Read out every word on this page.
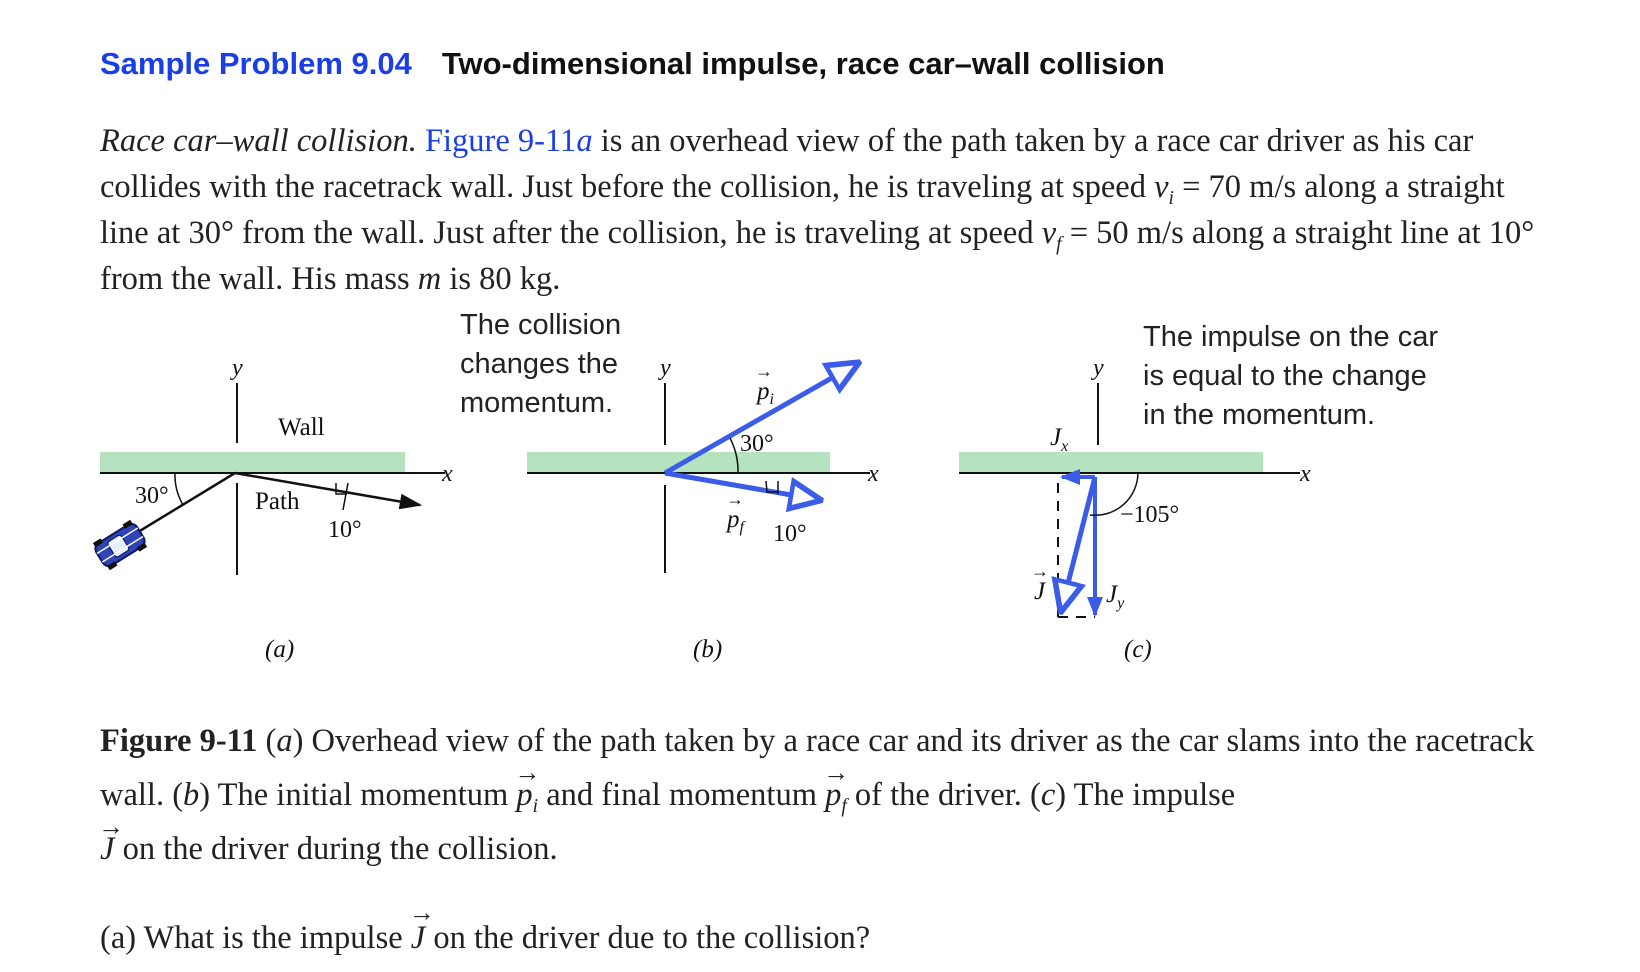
Sample Problem 9.04 Two-dimensional impulse, race car–wall collision
Race car–wall collision. Figure 9-11a is an overhead view of the path taken by a race car driver as his car collides with the racetrack wall. Just before the collision, he is traveling at speed $v_i = 70$ m/s along a straight line at 30° from the wall. Just after the collision, he is traveling at speed $v_f = 50$ m/s along a straight line at 10° from the wall. His mass m is 80 kg.
y
x
Wall
Path
30°
10°
(a)
The collision
changes the
momentum.
y
x
→
$p_i$
30°
→
$p_f$ 10°
(b)
The impulse on the car
is equal to the change
in the momentum.
y
x
−105°
$J_x$
$J_y$
→
J
(c)
Figure 9-11 (a) Overhead view of the path taken by a race car and its driver as the car slams into the racetrack wall. (b) The initial momentum → $p_i$ and final momentum → $p_f$ of the driver. (c) The impulse
→ J on the driver during the collision.
(a) What is the impulse → J on the driver due to the collision?
